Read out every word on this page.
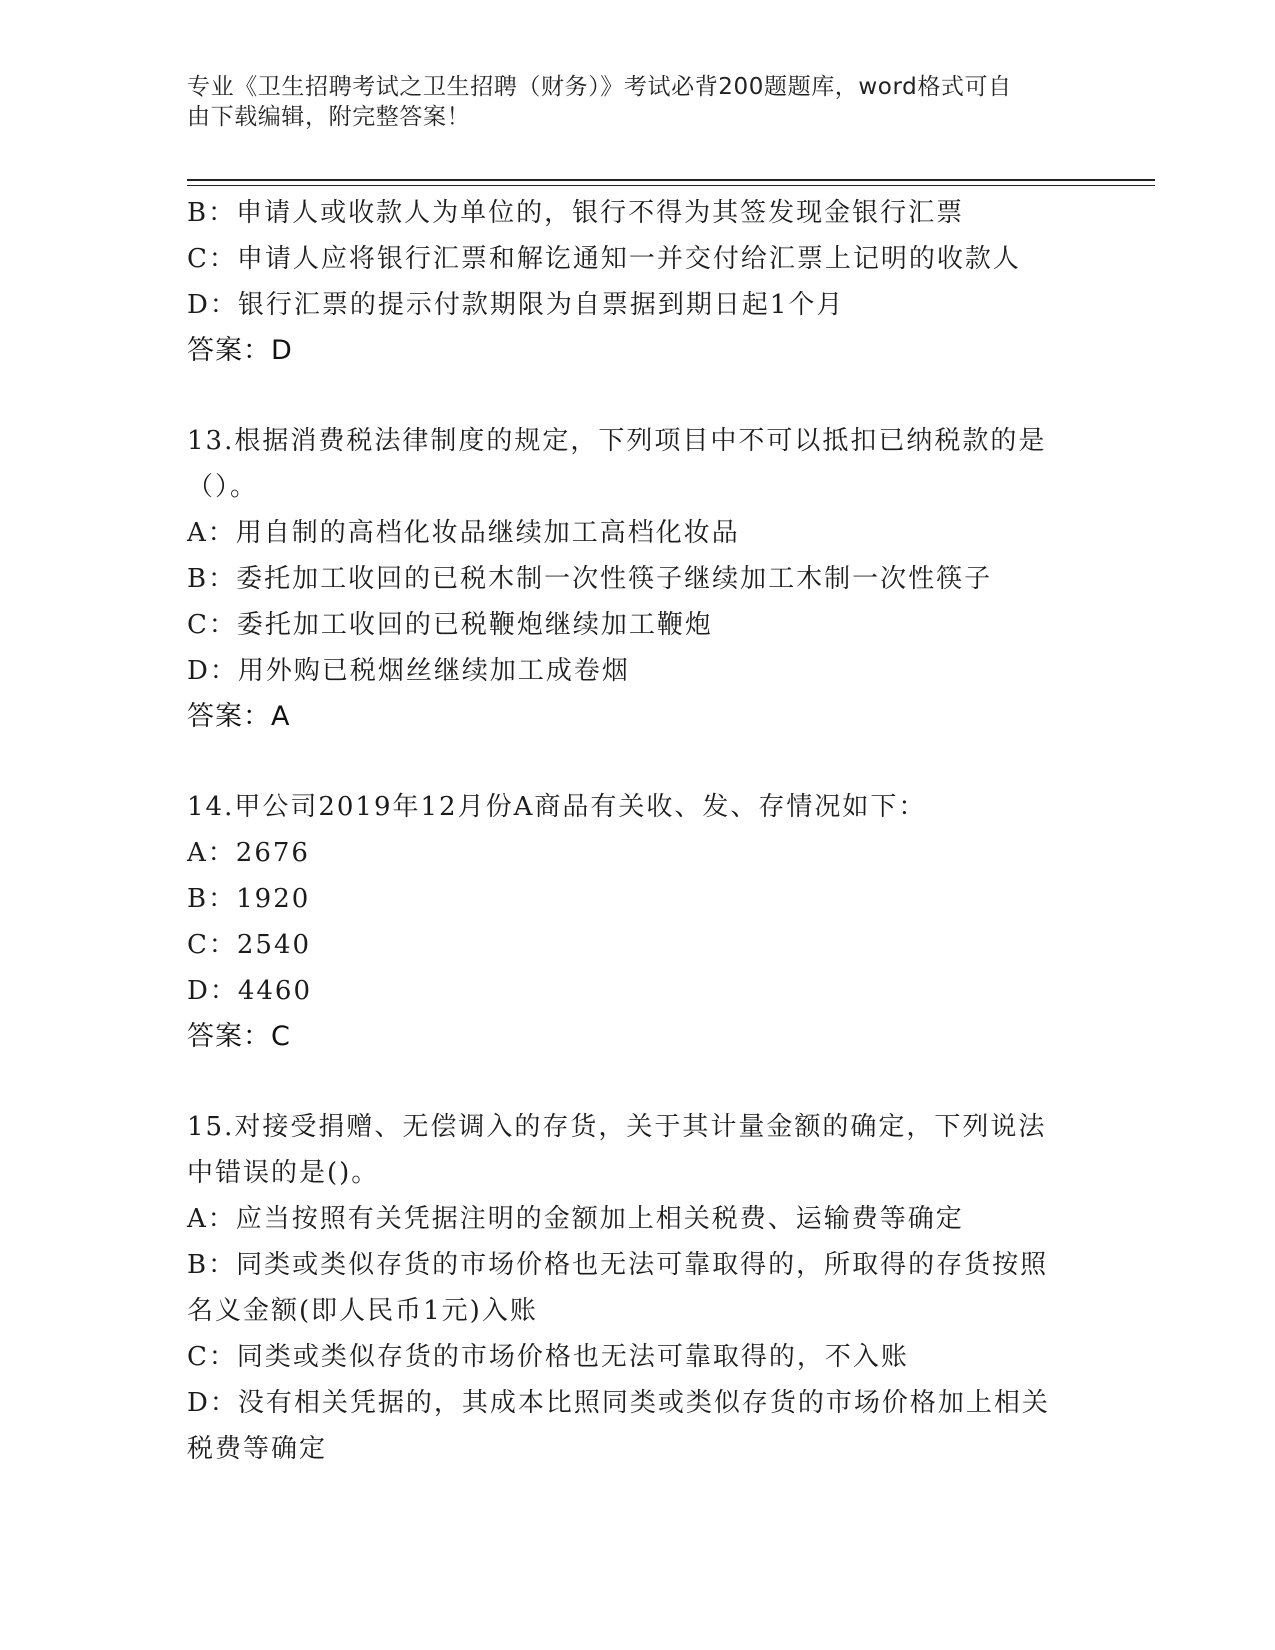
专业《卫生招聘考试之卫生招聘（财务）》考试必背200题题库，word格式可自
由下载编辑，附完整答案！
B：申请人或收款人为单位的，银行不得为其签发现金银行汇票
C：申请人应将银行汇票和解讫通知一并交付给汇票上记明的收款人
D：银行汇票的提示付款期限为自票据到期日起1个月
答案：D
13.根据消费税法律制度的规定，下列项目中不可以抵扣已纳税款的是（）。
A：用自制的高档化妆品继续加工高档化妆品
B：委托加工收回的已税木制一次性筷子继续加工木制一次性筷子
C：委托加工收回的已税鞭炮继续加工鞭炮
D：用外购已税烟丝继续加工成卷烟
答案：A
14.甲公司2019年12月份A商品有关收、发、存情况如下：
A：2676
B：1920
C：2540
D：4460
答案：C
15.对接受捐赠、无偿调入的存货，关于其计量金额的确定，下列说法中错误的是()。
A：应当按照有关凭据注明的金额加上相关税费、运输费等确定
B：同类或类似存货的市场价格也无法可靠取得的，所取得的存货按照名义金额(即人民币1元)入账
C：同类或类似存货的市场价格也无法可靠取得的，不入账
D：没有相关凭据的，其成本比照同类或类似存货的市场价格加上相关税费等确定
